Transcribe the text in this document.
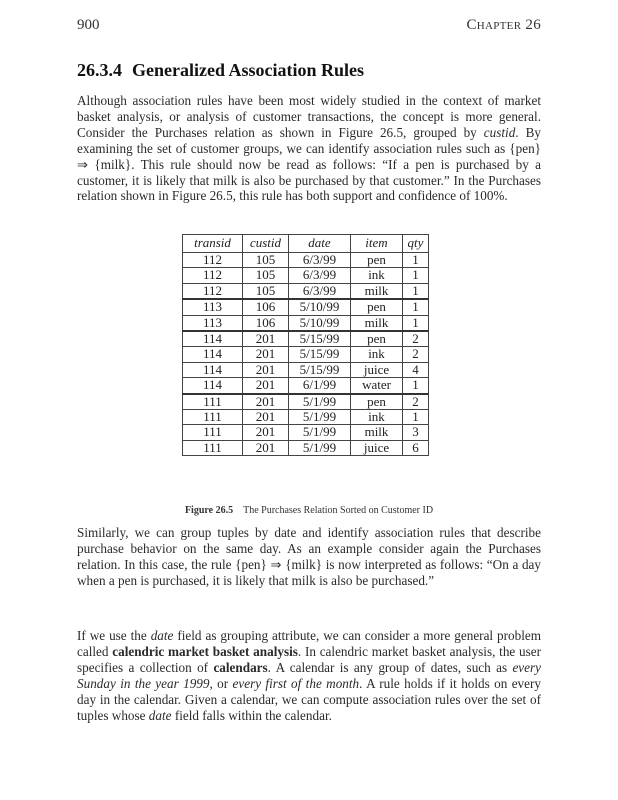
900	Chapter 26
26.3.4 Generalized Association Rules
Although association rules have been most widely studied in the context of market basket analysis, or analysis of customer transactions, the concept is more general. Consider the Purchases relation as shown in Figure 26.5, grouped by custid. By examining the set of customer groups, we can identify association rules such as {pen} ⇒ {milk}. This rule should now be read as follows: “If a pen is purchased by a customer, it is likely that milk is also be purchased by that customer.” In the Purchases relation shown in Figure 26.5, this rule has both support and confidence of 100%.
transid	custid	date	item	qty
112	105	6/3/99	pen	1
112	105	6/3/99	ink	1
112	105	6/3/99	milk	1
113	106	5/10/99	pen	1
113	106	5/10/99	milk	1
114	201	5/15/99	pen	2
114	201	5/15/99	ink	2
114	201	5/15/99	juice	4
114	201	6/1/99	water	1
111	201	5/1/99	pen	2
111	201	5/1/99	ink	1
111	201	5/1/99	milk	3
111	201	5/1/99	juice	6
Figure 26.5 The Purchases Relation Sorted on Customer ID
Similarly, we can group tuples by date and identify association rules that describe purchase behavior on the same day. As an example consider again the Purchases relation. In this case, the rule {pen} ⇒ {milk} is now interpreted as follows: “On a day when a pen is purchased, it is likely that milk is also be purchased.”
If we use the date field as grouping attribute, we can consider a more general problem called calendric market basket analysis. In calendric market basket analysis, the user specifies a collection of calendars. A calendar is any group of dates, such as every Sunday in the year 1999, or every first of the month. A rule holds if it holds on every day in the calendar. Given a calendar, we can compute association rules over the set of tuples whose date field falls within the calendar.
